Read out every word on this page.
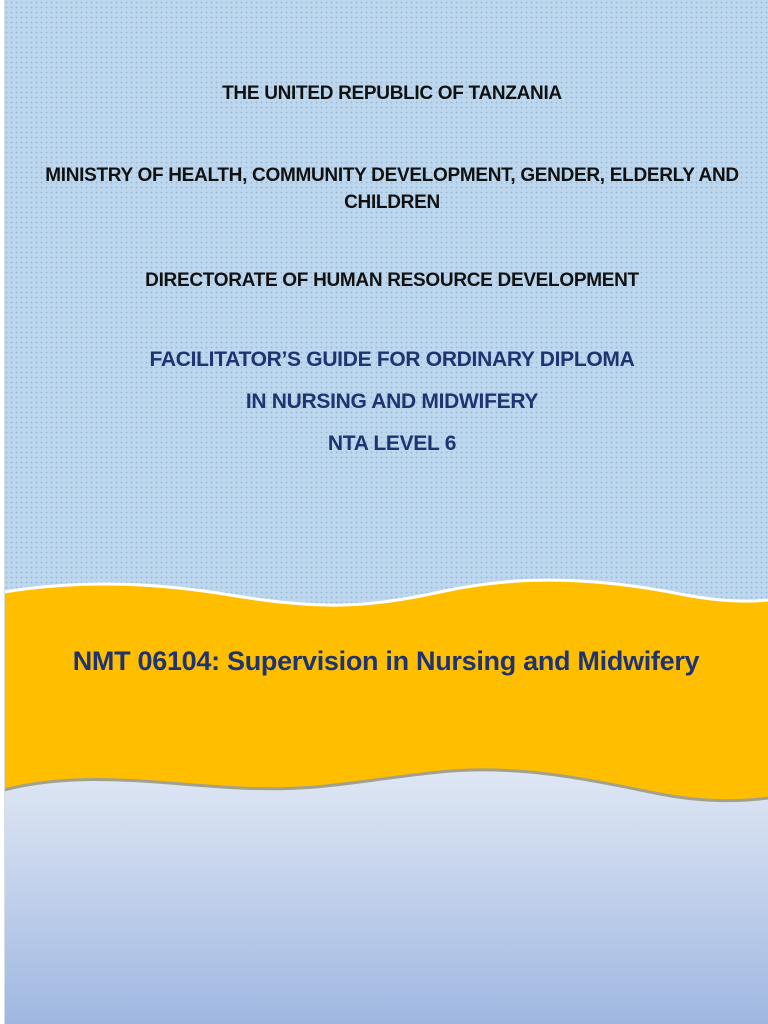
THE UNITED REPUBLIC OF TANZANIA
MINISTRY OF HEALTH, COMMUNITY DEVELOPMENT, GENDER, ELDERLY AND CHILDREN
DIRECTORATE OF HUMAN RESOURCE DEVELOPMENT
FACILITATOR’S GUIDE FOR ORDINARY DIPLOMA
IN NURSING AND MIDWIFERY
NTA LEVEL 6
NMT 06104: Supervision in Nursing and Midwifery
